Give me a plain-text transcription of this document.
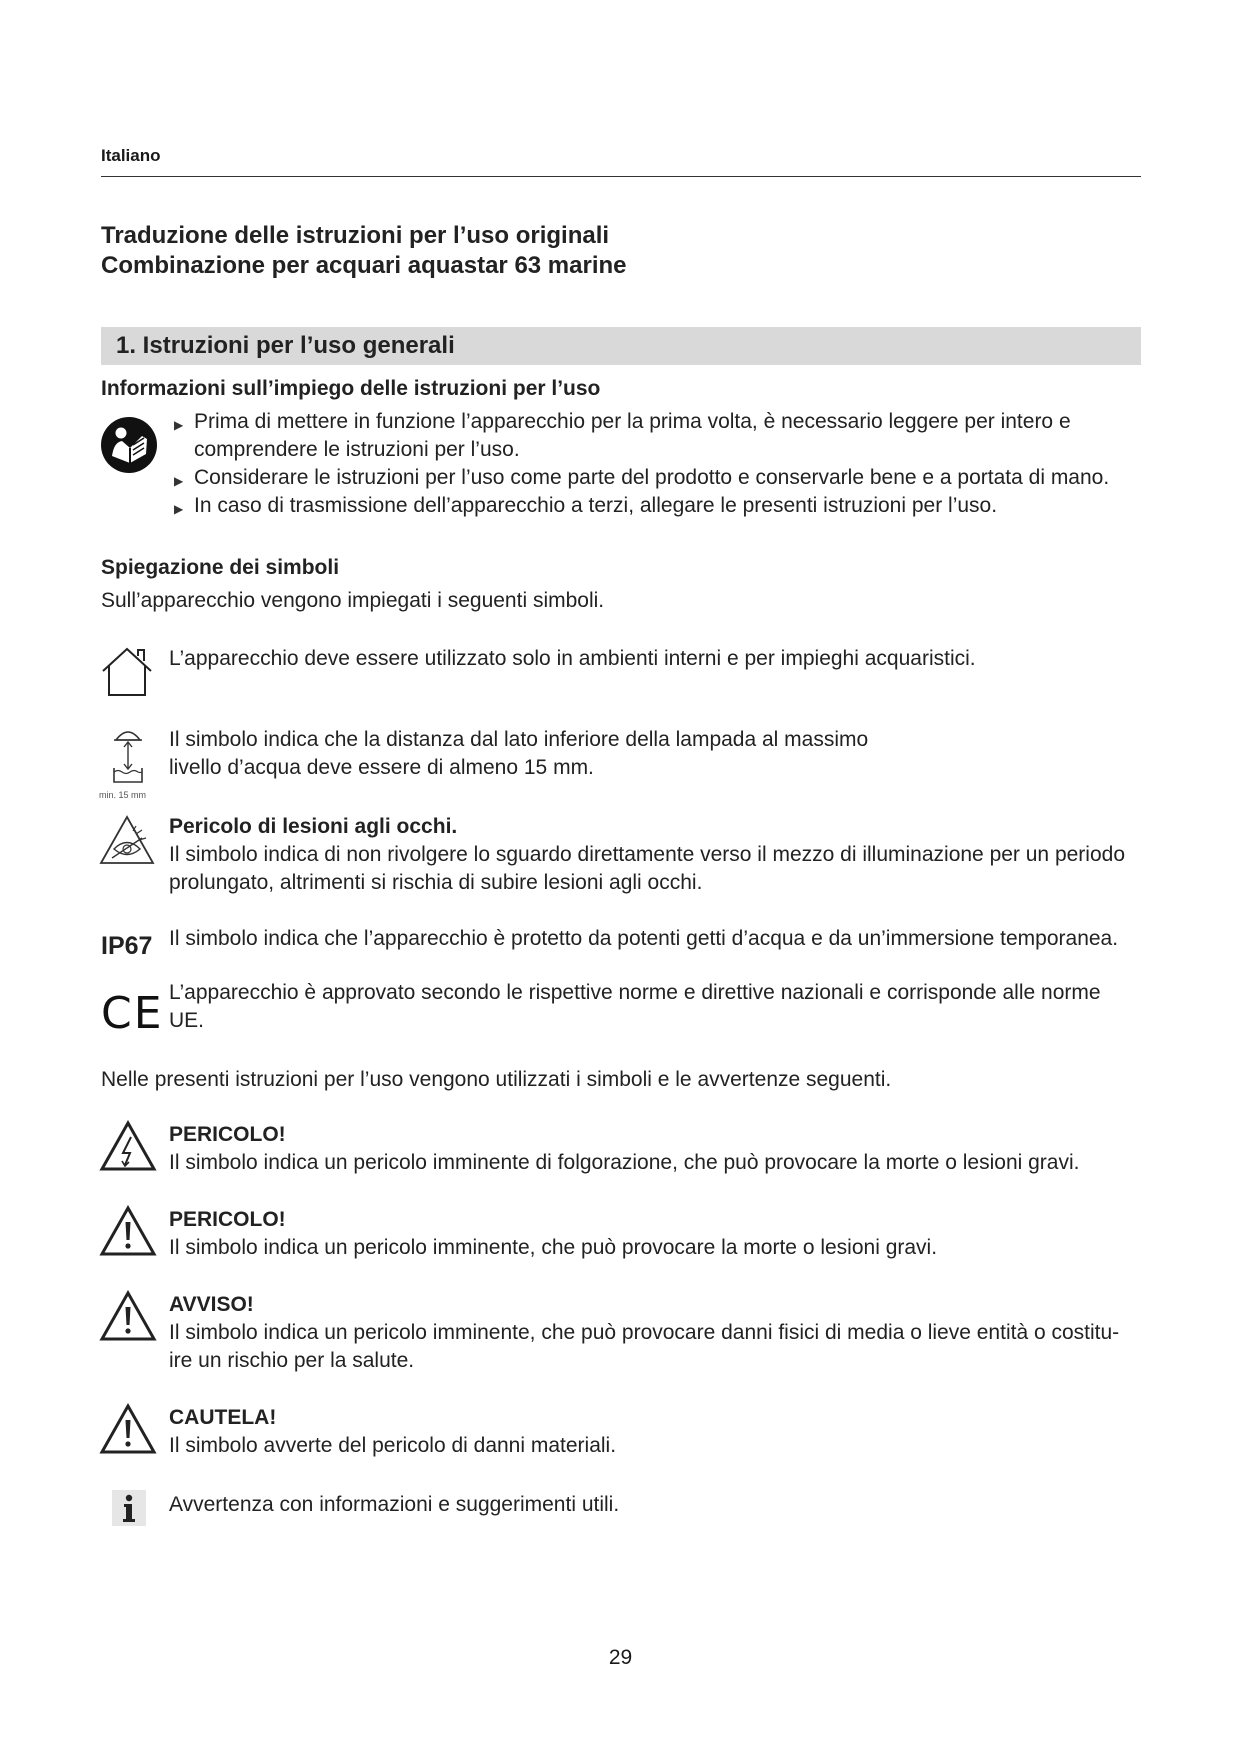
Italiano
Traduzione delle istruzioni per l’uso originali
Combinazione per acquari aquastar 63 marine
1. Istruzioni per l’uso generali
Informazioni sull’impiego delle istruzioni per l’uso
▶ Prima di mettere in funzione l’apparecchio per la prima volta, è necessario leggere per intero e
comprendere le istruzioni per l’uso.
▶ Considerare le istruzioni per l’uso come parte del prodotto e conservarle bene e a portata di mano.
▶ In caso di trasmissione dell’apparecchio a terzi, allegare le presenti istruzioni per l’uso.
Spiegazione dei simboli
Sull’apparecchio vengono impiegati i seguenti simboli.
L’apparecchio deve essere utilizzato solo in ambienti interni e per impieghi acquaristici.
min. 15 mm
Il simbolo indica che la distanza dal lato inferiore della lampada al massimo
livello d’acqua deve essere di almeno 15 mm.
Pericolo di lesioni agli occhi.
Il simbolo indica di non rivolgere lo sguardo direttamente verso il mezzo di illuminazione per un periodo
prolungato, altrimenti si rischia di subire lesioni agli occhi.
IP67 Il simbolo indica che l’apparecchio è protetto da potenti getti d’acqua e da un’immersione temporanea.
CE L’apparecchio è approvato secondo le rispettive norme e direttive nazionali e corrisponde alle norme
UE.
Nelle presenti istruzioni per l’uso vengono utilizzati i simboli e le avvertenze seguenti.
PERICOLO!
Il simbolo indica un pericolo imminente di folgorazione, che può provocare la morte o lesioni gravi.
PERICOLO!
Il simbolo indica un pericolo imminente, che può provocare la morte o lesioni gravi.
AVVISO!
Il simbolo indica un pericolo imminente, che può provocare danni fisici di media o lieve entità o costitu-
ire un rischio per la salute.
CAUTELA!
Il simbolo avverte del pericolo di danni materiali.
Avvertenza con informazioni e suggerimenti utili.
29
